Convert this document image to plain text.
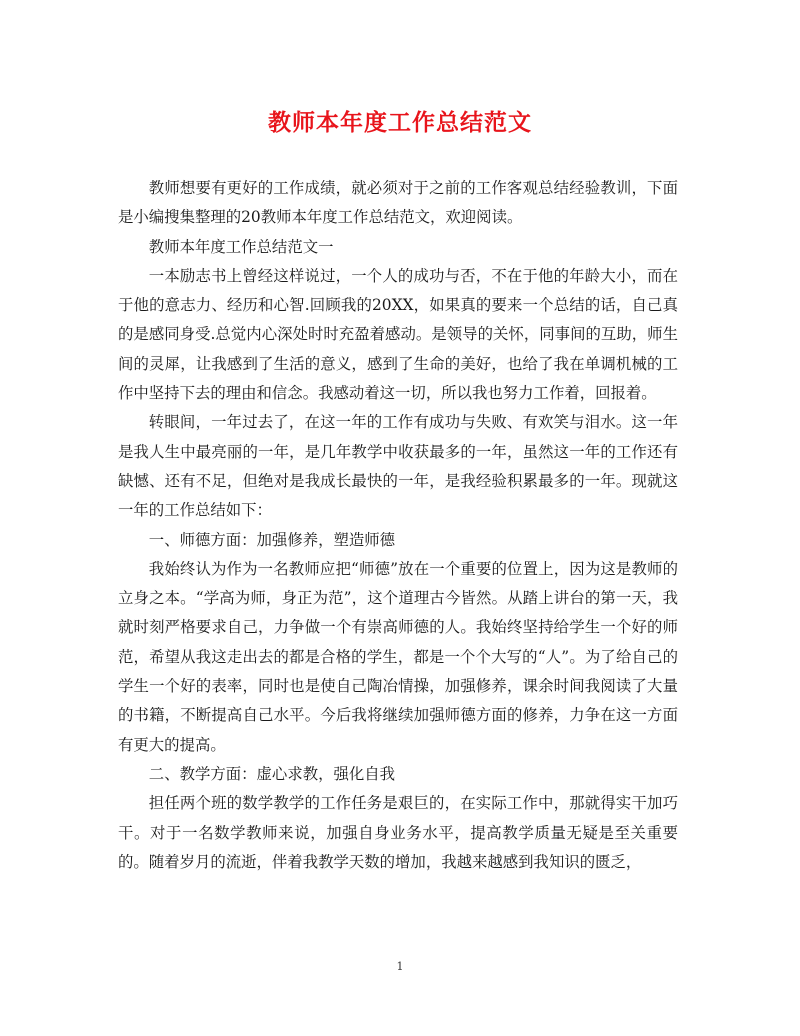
教师本年度工作总结范文

教师想要有更好的工作成绩，就必须对于之前的工作客观总结经验教训，下面是小编搜集整理的20教师本年度工作总结范文，欢迎阅读。

教师本年度工作总结范文一

一本励志书上曾经这样说过，一个人的成功与否，不在于他的年龄大小，而在于他的意志力、经历和心智.回顾我的20XX，如果真的要来一个总结的话，自己真的是感同身受.总觉内心深处时时充盈着感动。是领导的关怀，同事间的互助，师生间的灵犀，让我感到了生活的意义，感到了生命的美好，也给了我在单调机械的工作中坚持下去的理由和信念。我感动着这一切，所以我也努力工作着，回报着。

转眼间，一年过去了，在这一年的工作有成功与失败、有欢笑与泪水。这一年是我人生中最亮丽的一年，是几年教学中收获最多的一年，虽然这一年的工作还有缺憾、还有不足，但绝对是我成长最快的一年，是我经验积累最多的一年。现就这一年的工作总结如下：

一、师德方面：加强修养，塑造师德

我始终认为作为一名教师应把“师德”放在一个重要的位置上，因为这是教师的立身之本。“学高为师，身正为范”，这个道理古今皆然。从踏上讲台的第一天，我就时刻严格要求自己，力争做一个有崇高师德的人。我始终坚持给学生一个好的师范，希望从我这走出去的都是合格的学生，都是一个个大写的“人”。为了给自己的学生一个好的表率，同时也是使自己陶冶情操，加强修养，课余时间我阅读了大量的书籍，不断提高自己水平。今后我将继续加强师德方面的修养，力争在这一方面有更大的提高。

二、教学方面：虚心求教，强化自我

担任两个班的数学教学的工作任务是艰巨的，在实际工作中，那就得实干加巧干。对于一名数学教师来说，加强自身业务水平，提高教学质量无疑是至关重要的。随着岁月的流逝，伴着我教学天数的增加，我越来越感到我知识的匮乏，

1
